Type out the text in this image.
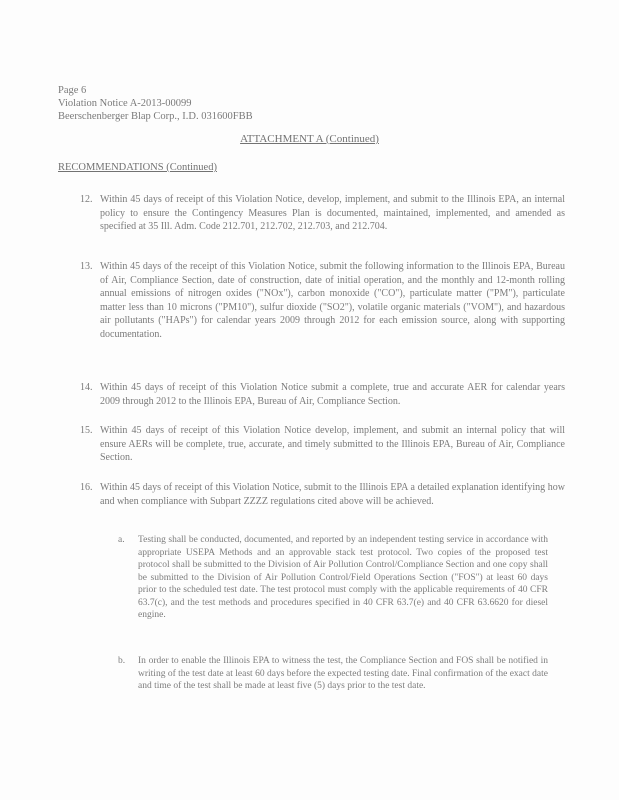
Page 6
Violation Notice A-2013-00099
Beerschenberger Blap Corp., I.D. 031600FBB
ATTACHMENT A (Continued)
RECOMMENDATIONS (Continued)
12. Within 45 days of receipt of this Violation Notice, develop, implement, and submit to the Illinois EPA, an internal policy to ensure the Contingency Measures Plan is documented, maintained, implemented, and amended as specified at 35 Ill. Adm. Code 212.701, 212.702, 212.703, and 212.704.
13. Within 45 days of the receipt of this Violation Notice, submit the following information to the Illinois EPA, Bureau of Air, Compliance Section, date of construction, date of initial operation, and the monthly and 12-month rolling annual emissions of nitrogen oxides ("NOx"), carbon monoxide ("CO"), particulate matter ("PM"), particulate matter less than 10 microns ("PM10"), sulfur dioxide ("SO2"), volatile organic materials ("VOM"), and hazardous air pollutants ("HAPs") for calendar years 2009 through 2012 for each emission source, along with supporting documentation.
14. Within 45 days of receipt of this Violation Notice submit a complete, true and accurate AER for calendar years 2009 through 2012 to the Illinois EPA, Bureau of Air, Compliance Section.
15. Within 45 days of receipt of this Violation Notice develop, implement, and submit an internal policy that will ensure AERs will be complete, true, accurate, and timely submitted to the Illinois EPA, Bureau of Air, Compliance Section.
16. Within 45 days of receipt of this Violation Notice, submit to the Illinois EPA a detailed explanation identifying how and when compliance with Subpart ZZZZ regulations cited above will be achieved.
a. Testing shall be conducted, documented, and reported by an independent testing service in accordance with appropriate USEPA Methods and an approvable stack test protocol. Two copies of the proposed test protocol shall be submitted to the Division of Air Pollution Control/Compliance Section and one copy shall be submitted to the Division of Air Pollution Control/Field Operations Section ("FOS") at least 60 days prior to the scheduled test date. The test protocol must comply with the applicable requirements of 40 CFR 63.7(c), and the test methods and procedures specified in 40 CFR 63.7(e) and 40 CFR 63.6620 for diesel engine.
b. In order to enable the Illinois EPA to witness the test, the Compliance Section and FOS shall be notified in writing of the test date at least 60 days before the expected testing date. Final confirmation of the exact date and time of the test shall be made at least five (5) days prior to the test date.
